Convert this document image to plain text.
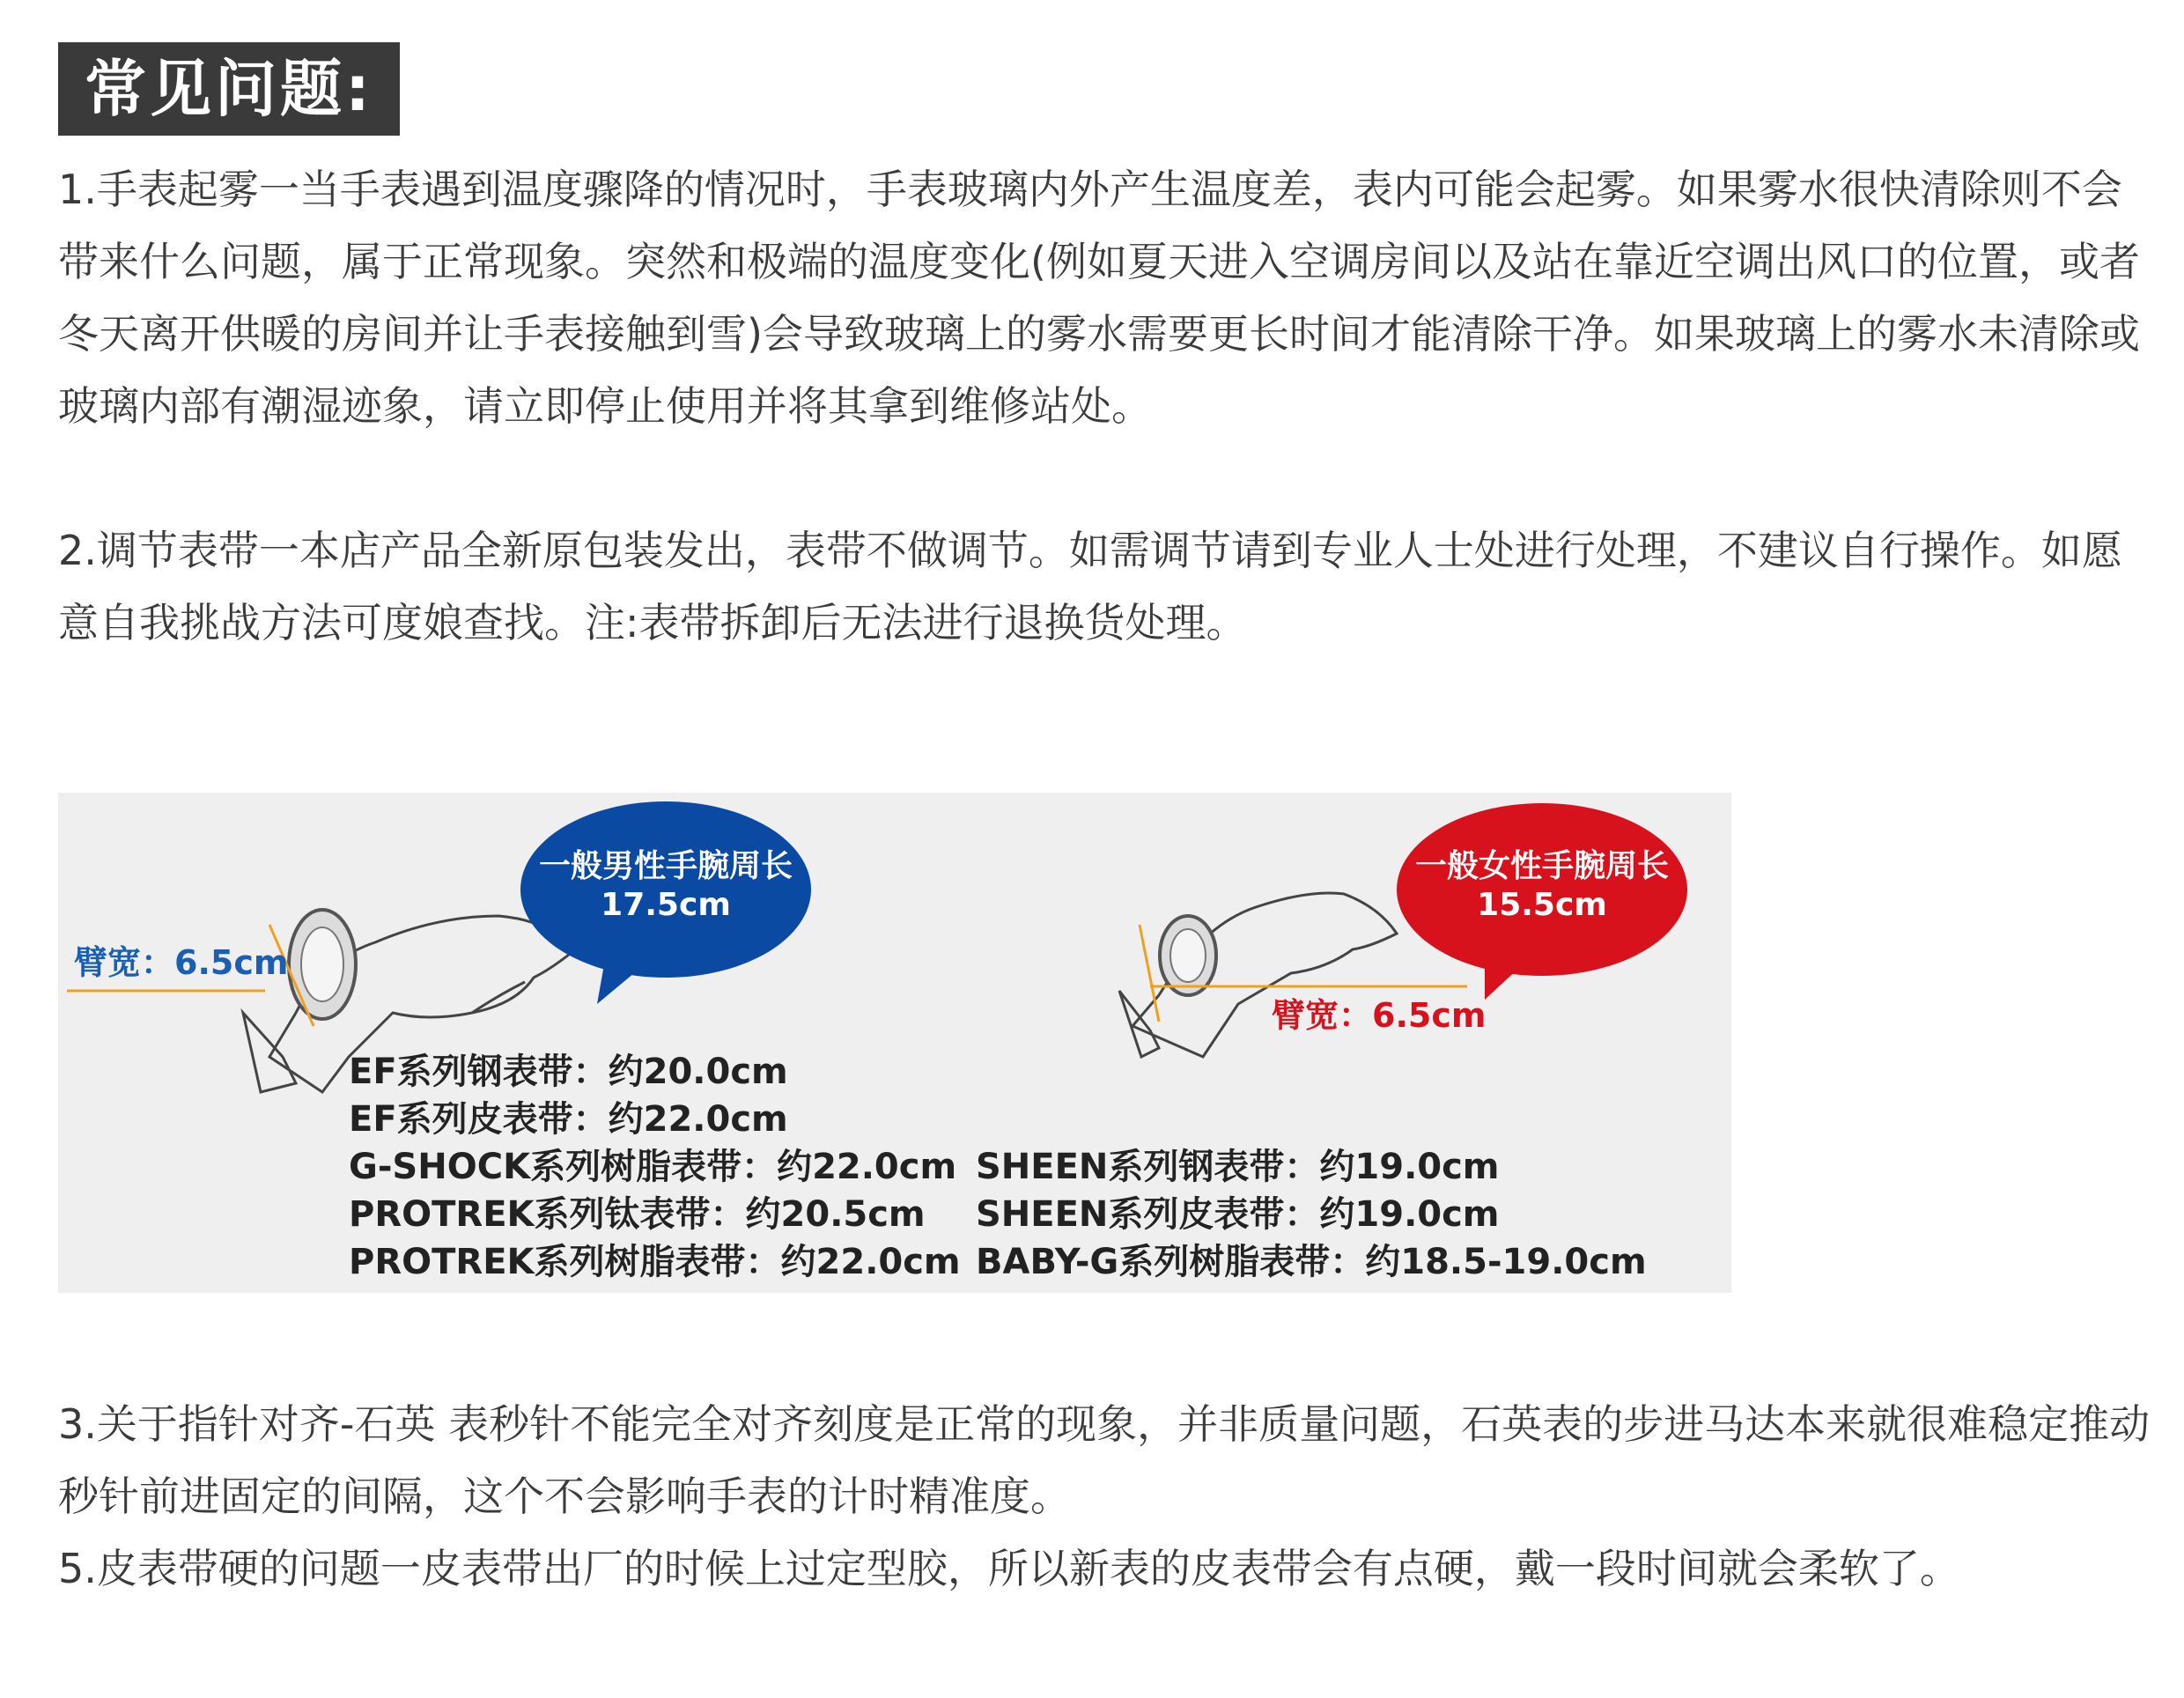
常见问题:

1.手表起雾一当手表遇到温度骤降的情况时，手表玻璃内外产生温度差，表内可能会起雾。如果雾水很快清除则不会带来什么问题，属于正常现象。突然和极端的温度变化(例如夏天进入空调房间以及站在靠近空调出风口的位置，或者冬天离开供暖的房间并让手表接触到雪)会导致玻璃上的雾水需要更长时间才能清除干净。如果玻璃上的雾水未清除或玻璃内部有潮湿迹象，请立即停止使用并将其拿到维修站处。

2.调节表带一本店产品全新原包装发出，表带不做调节。如需调节请到专业人士处进行处理，不建议自行操作。如愿意自我挑战方法可度娘查找。注:表带拆卸后无法进行退换货处理。

一般男性手腕周长
17.5cm
一般女性手腕周长
15.5cm
臂宽：6.5cm
臂宽：6.5cm
EF系列钢表带：约20.0cm
EF系列皮表带：约22.0cm
G-SHOCK系列树脂表带：约22.0cm
PROTREK系列钛表带：约20.5cm
PROTREK系列树脂表带：约22.0cm
SHEEN系列钢表带：约19.0cm
SHEEN系列皮表带：约19.0cm
BABY-G系列树脂表带：约18.5-19.0cm

3.关于指针对齐-石英 表秒针不能完全对齐刻度是正常的现象，并非质量问题，石英表的步进马达本来就很难稳定推动秒针前进固定的间隔，这个不会影响手表的计时精准度。

5.皮表带硬的问题一皮表带出厂的时候上过定型胶，所以新表的皮表带会有点硬，戴一段时间就会柔软了。
